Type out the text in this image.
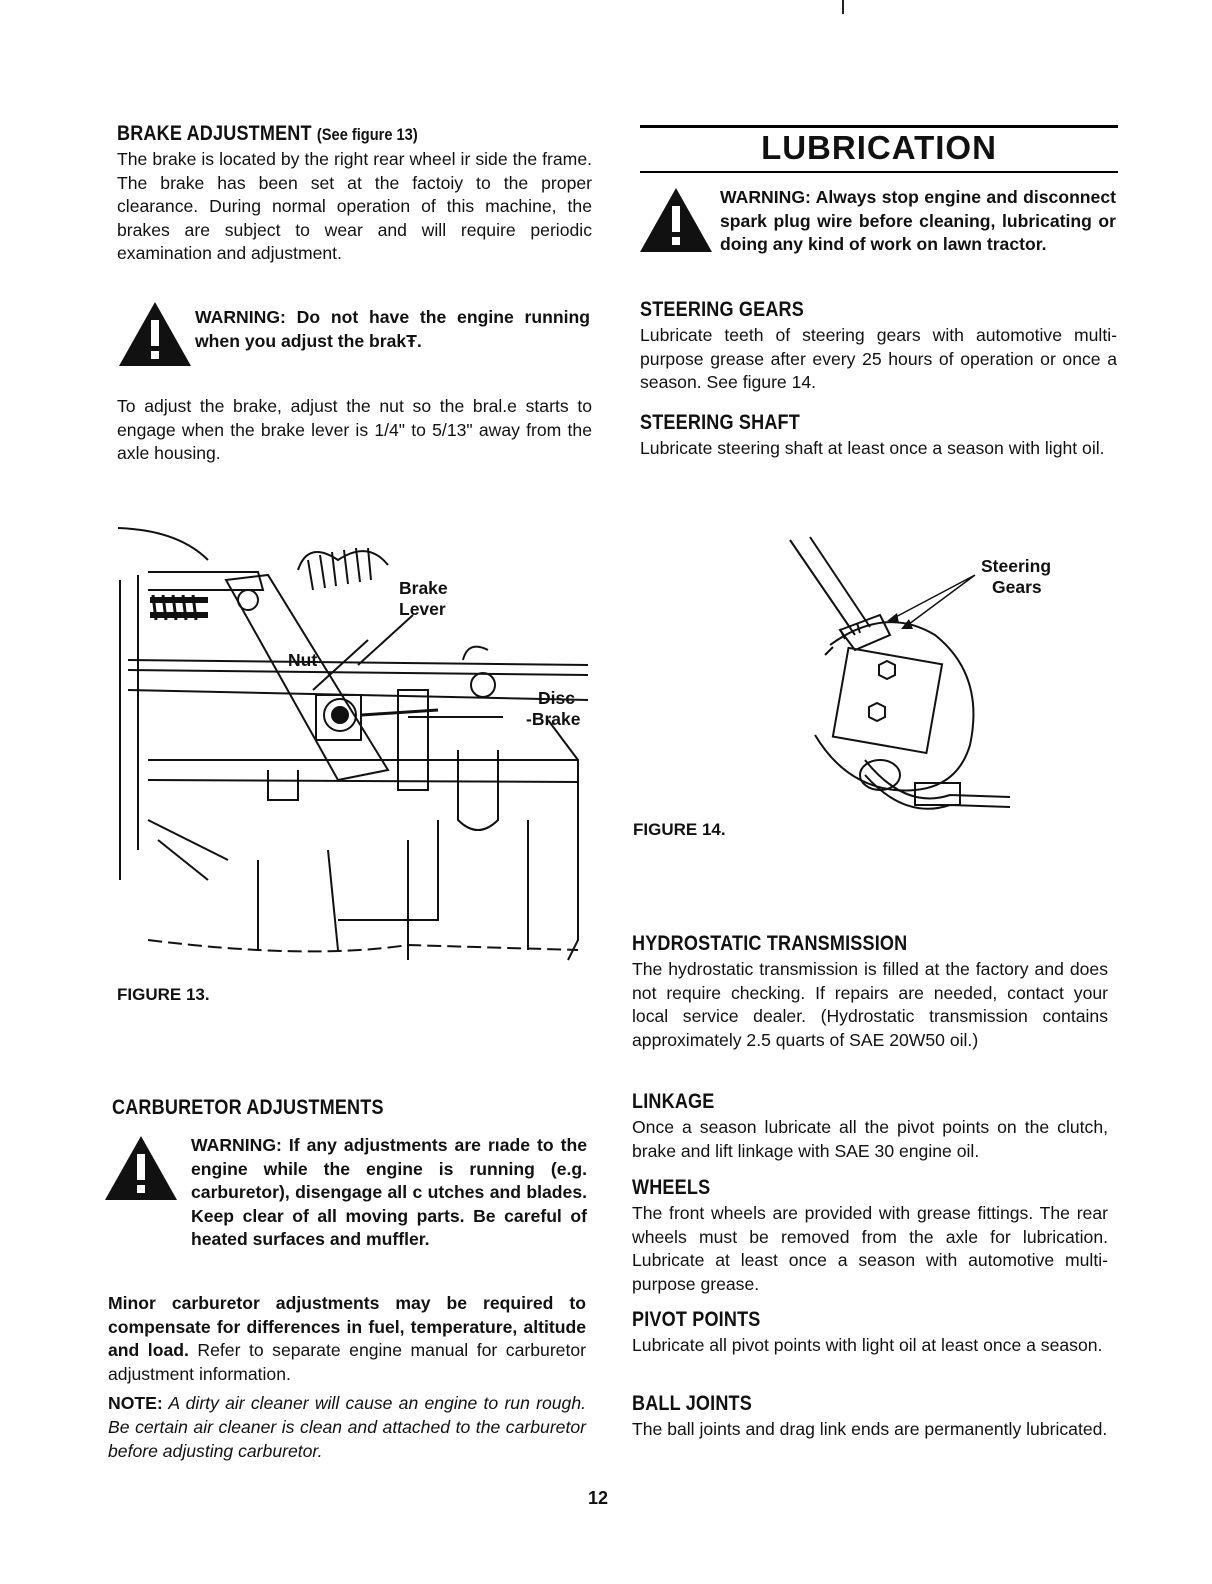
BRAKE ADJUSTMENT (See figure 13)
The brake is located by the right rear wheel ir side the frame. The brake has been set at the factoiy to the proper clearance. During normal operation of this machine, the brakes are subject to wear and will require periodic examination and adjustment.
WARNING: Do not have the engine running when you adjust the brakŦ.
To adjust the brake, adjust the nut so the bral.e starts to engage when the brake lever is 1/4" to 5/13" away from the axle housing.
Brake
Lever
Nut
Disc
-Brake
FIGURE 13.
CARBURETOR ADJUSTMENTS
WARNING: If any adjustments are rıade to the engine while the engine is running (e.g. carburetor), disengage all c utches and blades. Keep clear of all moving parts. Be careful of heated surfaces and muffler.
Minor carburetor adjustments may be required to compensate for differences in fuel, temperature, altitude and load. Refer to separate engine manual for carburetor adjustment information.
NOTE: A dirty air cleaner will cause an engine to run rough. Be certain air cleaner is clean and attached to the carburetor before adjusting carburetor.
LUBRICATION
WARNING: Always stop engine and disconnect spark plug wire before cleaning, lubricating or doing any kind of work on lawn tractor.
STEERING GEARS
Lubricate teeth of steering gears with automotive multi-purpose grease after every 25 hours of operation or once a season. See figure 14.
STEERING SHAFT
Lubricate steering shaft at least once a season with light oil.
Steering
Gears
FIGURE 14.
HYDROSTATIC TRANSMISSION
The hydrostatic transmission is filled at the factory and does not require checking. If repairs are needed, contact your local service dealer. (Hydrostatic transmission contains approximately 2.5 quarts of SAE 20W50 oil.)
LINKAGE
Once a season lubricate all the pivot points on the clutch, brake and lift linkage with SAE 30 engine oil.
WHEELS
The front wheels are provided with grease fittings. The rear wheels must be removed from the axle for lubrication. Lubricate at least once a season with automotive multi-purpose grease.
PIVOT POINTS
Lubricate all pivot points with light oil at least once a season.
BALL JOINTS
The ball joints and drag link ends are permanently lubricated.
12
